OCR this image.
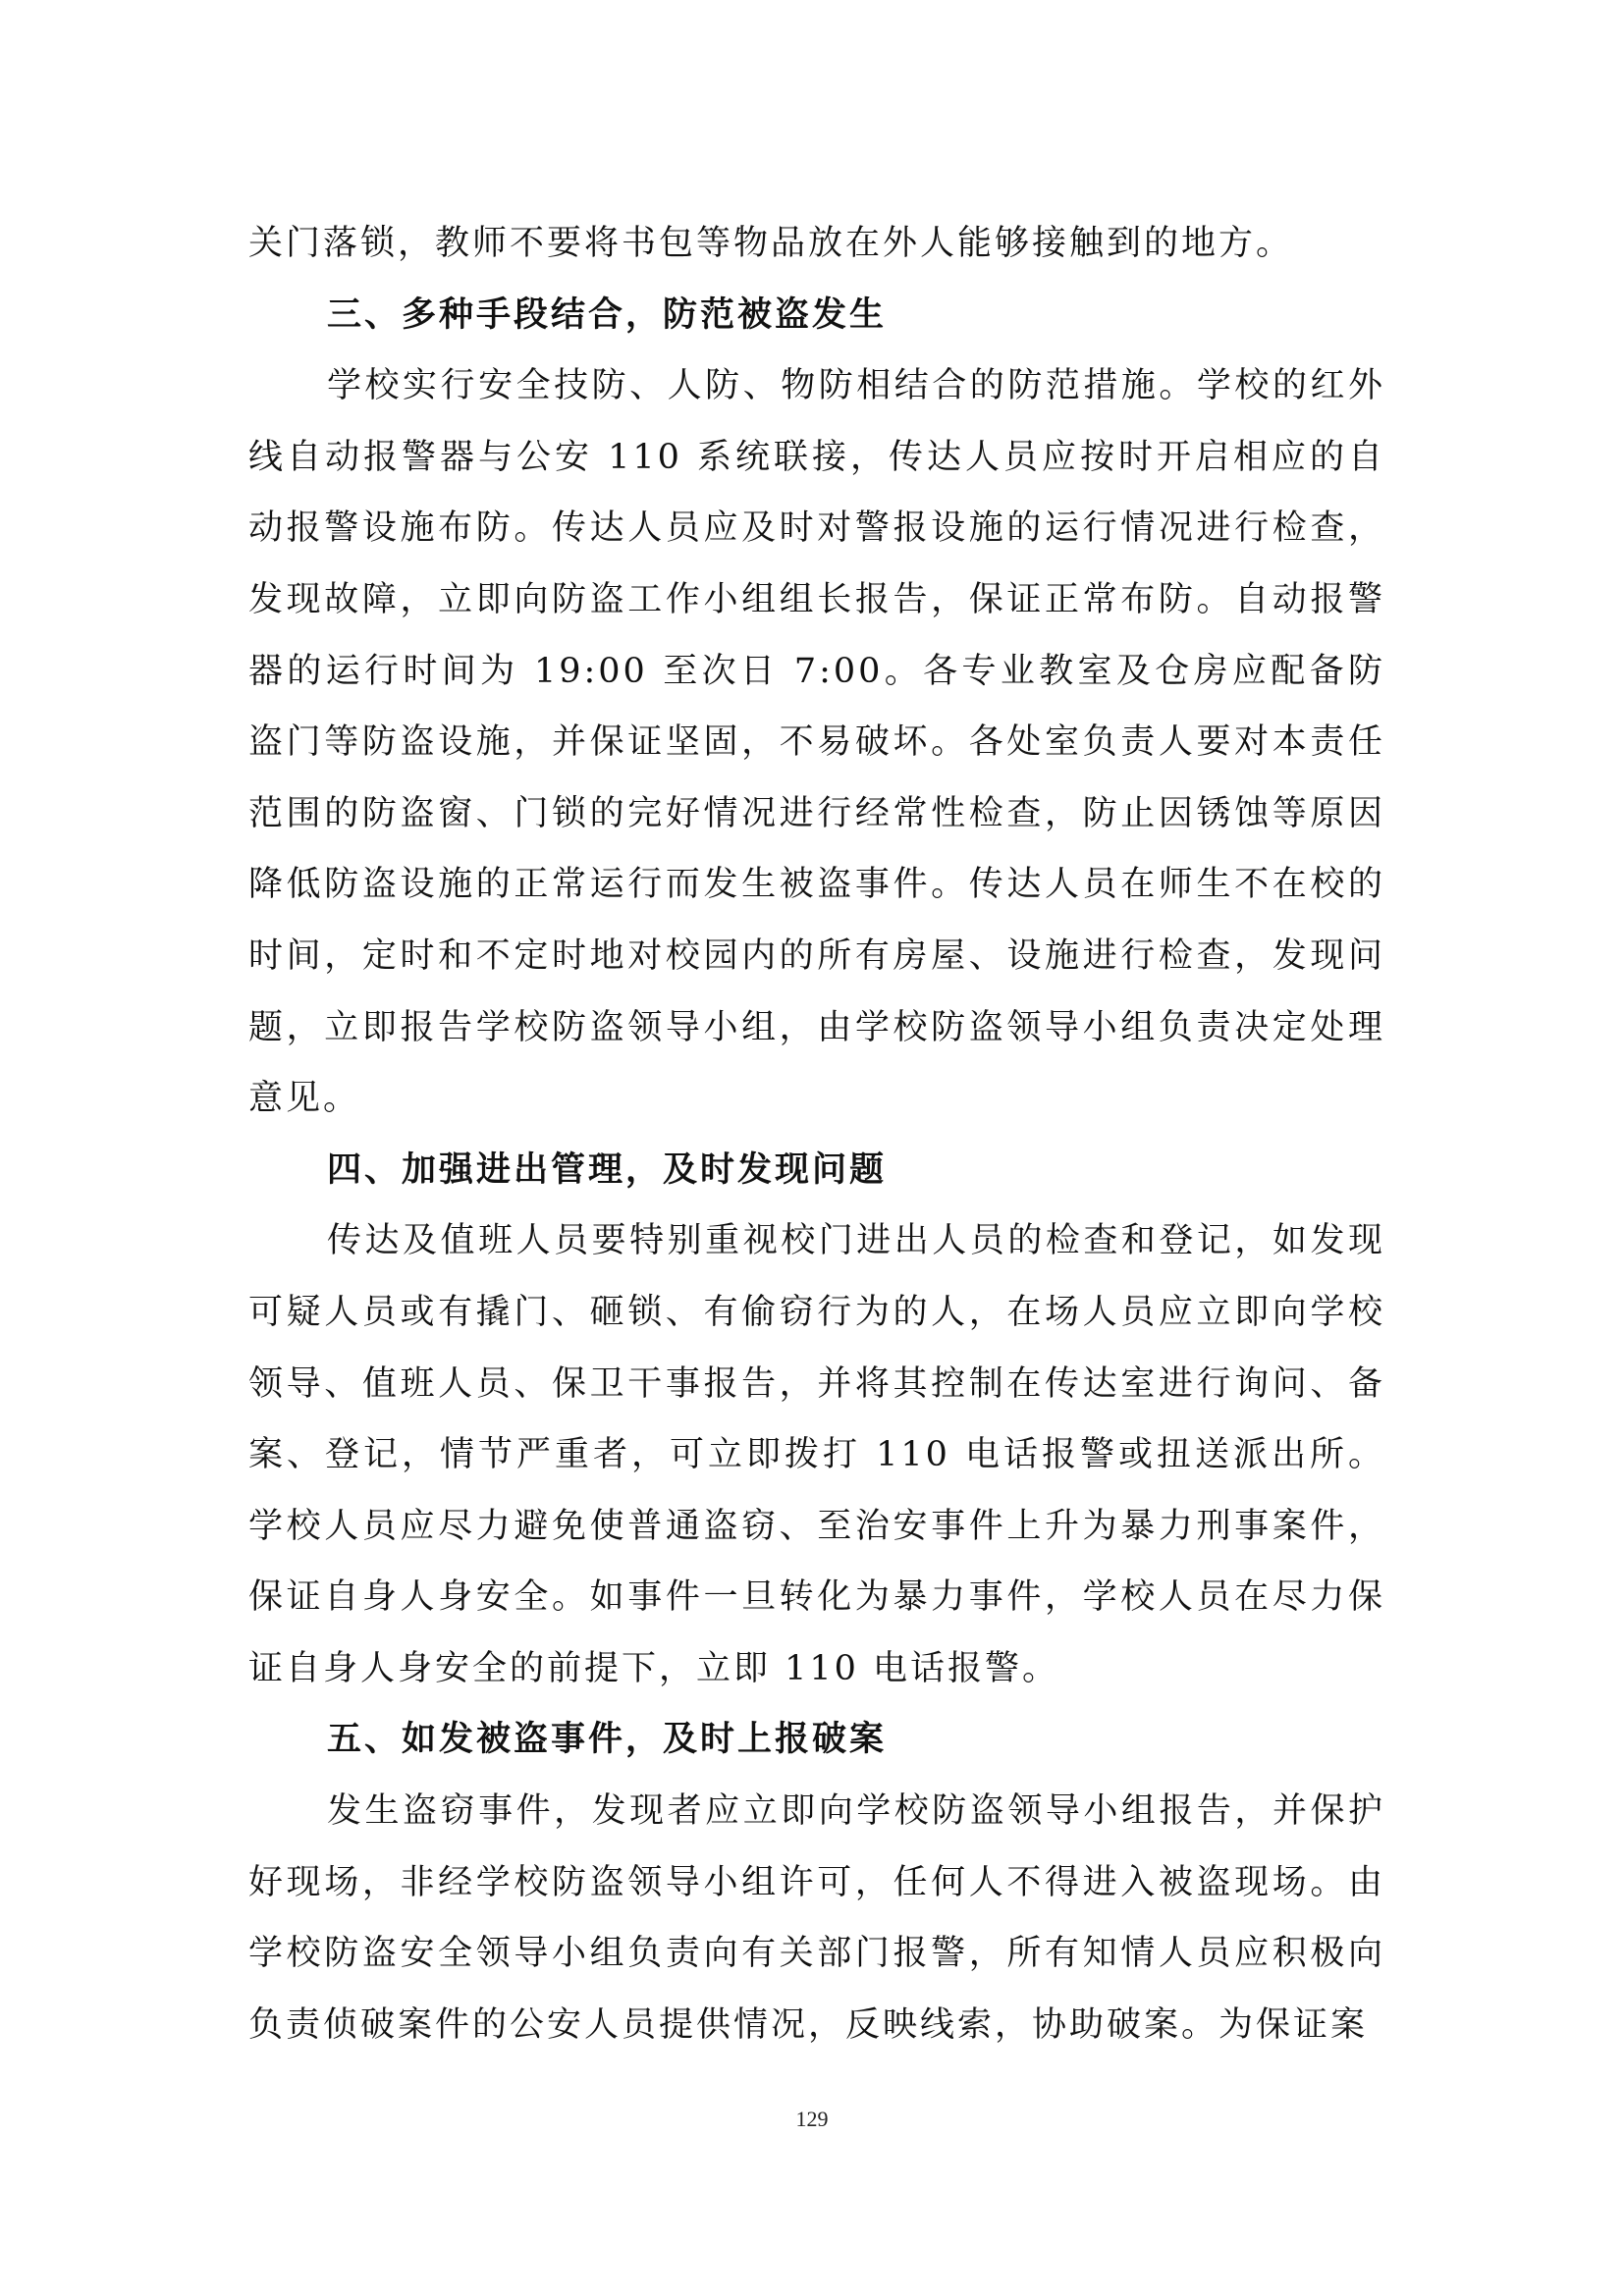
关门落锁，教师不要将书包等物品放在外人能够接触到的地方。

三、多种手段结合，防范被盗发生

学校实行安全技防、人防、物防相结合的防范措施。学校的红外线自动报警器与公安 110 系统联接，传达人员应按时开启相应的自动报警设施布防。传达人员应及时对警报设施的运行情况进行检查，发现故障，立即向防盗工作小组组长报告，保证正常布防。自动报警器的运行时间为 19:00 至次日 7:00。各专业教室及仓房应配备防盗门等防盗设施，并保证坚固，不易破坏。各处室负责人要对本责任范围的防盗窗、门锁的完好情况进行经常性检查，防止因锈蚀等原因降低防盗设施的正常运行而发生被盗事件。传达人员在师生不在校的时间，定时和不定时地对校园内的所有房屋、设施进行检查，发现问题，立即报告学校防盗领导小组，由学校防盗领导小组负责决定处理意见。

四、加强进出管理，及时发现问题

传达及值班人员要特别重视校门进出人员的检查和登记，如发现可疑人员或有撬门、砸锁、有偷窃行为的人，在场人员应立即向学校领导、值班人员、保卫干事报告，并将其控制在传达室进行询问、备案、登记，情节严重者，可立即拨打 110 电话报警或扭送派出所。学校人员应尽力避免使普通盗窃、至治安事件上升为暴力刑事案件，保证自身人身安全。如事件一旦转化为暴力事件，学校人员在尽力保证自身人身安全的前提下，立即 110 电话报警。

五、如发被盗事件，及时上报破案

发生盗窃事件，发现者应立即向学校防盗领导小组报告，并保护好现场，非经学校防盗领导小组许可，任何人不得进入被盗现场。由学校防盗安全领导小组负责向有关部门报警，所有知情人员应积极向负责侦破案件的公安人员提供情况，反映线索，协助破案。为保证案

129
